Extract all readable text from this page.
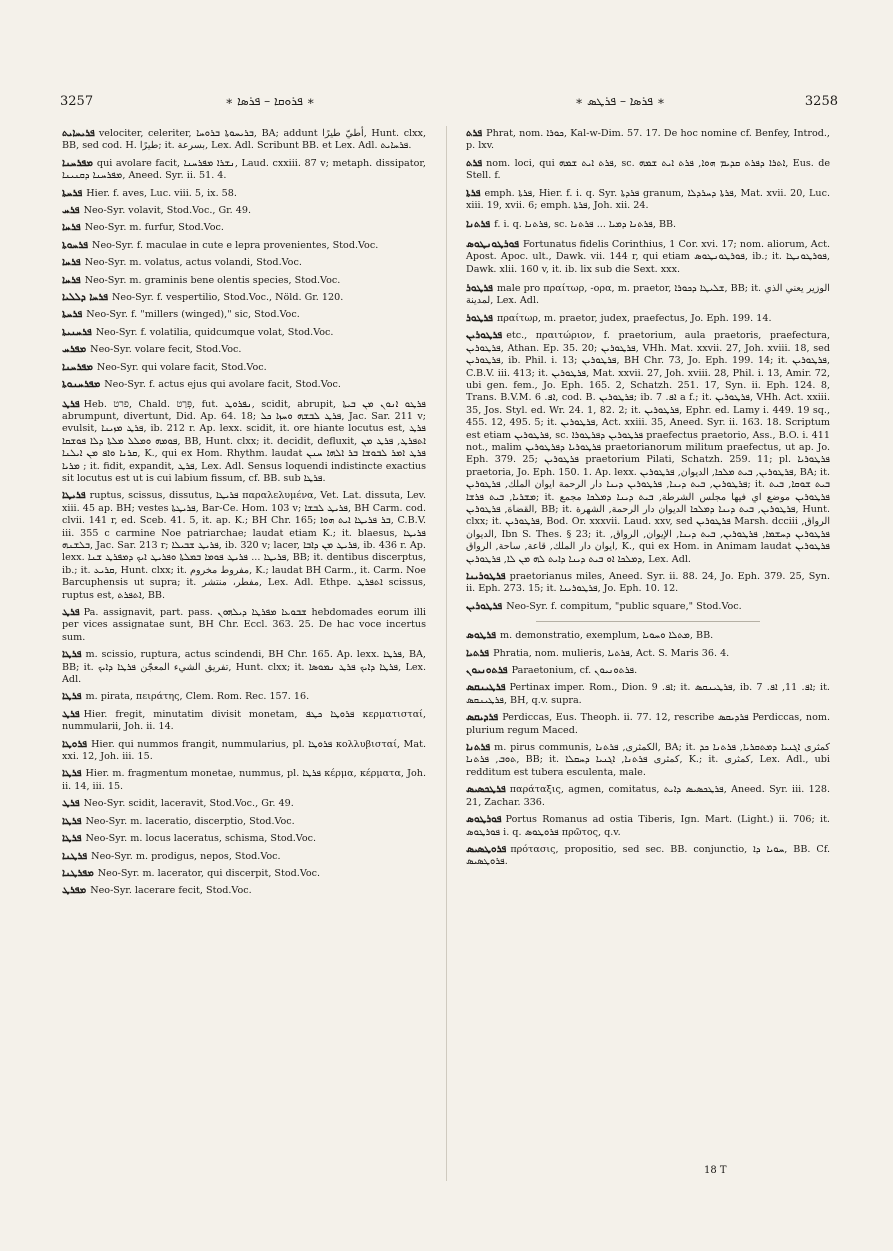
3257	∗ ܦܪܘܩܐ – ܦܪܣܐ ∗	∗ ܦܪܣܐ – ܦܪܛܣ ∗	3258
ܦܪܝܚܐܝܬ velociter, celeriter, ܒܪܝܚܘܬܐ ܒܪܘܚܐ, BA; addunt أطيّ طيرًا, Hunt. clxx, BB, sed cod. H. طيرًا; it. بسرعة, Lex. Adl. Scribunt BB. et Lex. Adl. ܦܪܚܐܝܬ.
ܡܦܪܚܢܐ qui avolare facit, ܢܫܪܐ ܡܦܪܚܢܐ, Laud. cxxiii. 87 v; metaph. dissipator, ܡܦܪܚܢܐ ܕܩܢܝܢܐ, Aneed. Syr. ii. 51. 4.
ܦܪܚܬܐ Hier. f. aves, Luc. viii. 5, ix. 58.
ܦܪܚ Neo-Syr. volavit, Stod.Voc., Gr. 49.
ܦܪܚܐ Neo-Syr. m. furfur, Stod.Voc.
ܦܪܚܘܬܐ Neo-Syr. f. maculae in cute e lepra provenientes, Stod.Voc.
ܦܪܚܐ Neo-Syr. m. volatus, actus volandi, Stod.Voc.
ܦܪܚܐ Neo-Syr. m. graminis bene olentis species, Stod.Voc.
ܦܪܚܐ ܕܠܠܝܐ Neo-Syr. f. vespertilio, Stod.Voc., Nöld. Gr. 120.
ܦܪܚܬܐ Neo-Syr. f. "millers (winged)," sic, Stod.Voc.
ܦܪܚܢܝܬܐ Neo-Syr. f. volatilia, quidcumque volat, Stod.Voc.
ܡܦܪܚ Neo-Syr. volare fecit, Stod.Voc.
ܡܦܪܚܢܐ Neo-Syr. qui volare facit, Stod.Voc.
ܡܦܪܚܢܘܬܐ Neo-Syr. f. actus ejus qui avolare facit, Stod.Voc.
ܦܪܛ Heb. פרט, Chald. פְּרַט, fut. ܢܦܪܘܛ, scidit, abrupit, ܦܪܛܘ ܐܢܘܢ ܡܢ ܒܝܬܐ abrumpunt, divertunt, Did. Ap. 64. 18; ܦܪܛ ܠܒܫܗ ܘܚܙܐ ܟܠ, Jac. Sar. 211 v; evulsit, ܦܪܛ ܡܙܝܢܐ, ib. 212 r. Ap. lexx. scidit, it. ore hiante locutus est, ܦܪܛ ܦܘܡܗ ܘܡܠܠ ܡܠܬܐ ܕܠܐ ܦܘܫܩܐ, BB, Hunt. clxx; it. decidit, defluxit, ܐܬܦܪܛ, ܦܪܛ ܡܢ ܩܪܢܐ ܘܐܦ ܡܢ ܐܝܠܢܐ, K., qui ex Hom. Rhythm. laudat ܦܪܛ ܐܡܪ ܠܒܘܫܐ ܒܪ ܐܠܗܐ ܚܢܢ ܡܪܝܐ ; it. fidit, expandit, ܦܪܛ, Lex. Adl. Sensus loquendi indistincte exactius sit locutus est ut is cui labium fissum, cf. BB. sub ܦܪܛܐ.
ܦܪܝܛܐ ruptus, scissus, dissutus, ܦܪܝܛܐ παραλελυμένα, Vet. Lat. dissuta, Lev. xiii. 45 ap. BH; vestes ܦܪܝܛܬܐ, Bar-Ce. Hom. 103 v; ܦܪܝܛ ܠܒܫܐ, BH Carm. cod. clvii. 141 r, ed. Sceb. 41. 5, it. ap. K.; BH Chr. 165; ܒܪ ܦܪܝܛܐ ܐܝܬ ܗܘܐ, C.B.V. iii. 355 c carmine Noe patriarchae; laudat etiam K.; it. blaesus, ܦܪܝܛܐ ܒܠܫܢܗ, Jac. Sar. 213 r; ܦܪܝܛ ܫܒܝܠܐ, ib. 320 v; lacer, ܦܪܝܛ ܡܢ ܕܐܒܐ, ib. 436 r. Ap. lexx. ܦܪܝܛܐ ... ܦܪܝܛ ܦܘܡܐ ܒܡܠܬܐ ܘܦܪܝܛ ܐܝܟ ܕܡܦܪܛ ܫܢܐ, BB; it. dentibus discerptus, ib.; it. ܩܪܝܥ, Hunt. clxx; it. مفروط مخروم, K.; laudat BH Carm., it. Carm. Noe Barcuphensis ut supra; it. مفطر، منتشر, Lex. Adl. Ethpe. ܐܬܦܪܛ scissus, ruptus est, ܐܬܦܪܬ, BB.
ܦܪܛ Pa. assignavit, part. pass. ܫܒܘܥܐ ܡܦܪܛܐ ܕܝܠܗܘܢ hebdomades eorum illi per vices assignatae sunt, BH Chr. Eccl. 363. 25. De hac voce incertus sum.
ܦܪܛܐ m. scissio, ruptura, actus scindendi, BH Chr. 165. Ap. lexx. ܦܪܛܐ, BA, BB; it. تفريق الشيء المعجّن ܦܪܛܐ ܕܐܝܟ, Hunt. clxx; it. ܦܪܛܐ ܕܐܝܟ ܦܪܛ ܢܡܘܣܐ, Lex. Adl.
ܦܪܛܐ m. pirata, πειράτης, Clem. Rom. Rec. 157. 16.
ܦܪܛ Hier. fregit, minutatim divisit monetam, ܦܪܘܛܐ ܟܛܦ κερματισταί, nummularii, Joh. ii. 14.
ܦܪܘܛܐ Hier. qui nummos frangit, nummularius, pl. ܦܪܘܛܐ κολλυβισταί, Mat. xxi. 12, Joh. iii. 15.
ܦܪܛܐ Hier. m. fragmentum monetae, nummus, pl. ܦܪܛܐ κέρμα, κέρματα, Joh. ii. 14, iii. 15.
ܦܪܛ Neo-Syr. scidit, laceravit, Stod.Voc., Gr. 49.
ܦܪܛܐ Neo-Syr. m. laceratio, discerptio, Stod.Voc.
ܦܪܛܐ Neo-Syr. m. locus laceratus, schisma, Stod.Voc.
ܦܪܛܢܐ Neo-Syr. m. prodigus, nepos, Stod.Voc.
ܡܦܪܛܢܐ Neo-Syr. m. lacerator, qui discerpit, Stod.Voc.
ܡܦܪܛ Neo-Syr. lacerare fecit, Stod.Voc.
ܦܪܬ Phrat, nom. ܟܘܪܐ, Kal-w-Dim. 57. 17. De hoc nomine cf. Benfey, Introd., p. lxv.
ܦܪܬ nom. loci, qui ܦܪܬ ܐܝܬ ܫܡܗ, sc. ܐܬܪܐ ܕܦܪܬ ܩܕܝܡ ܗܘܐ, ܦܪܬ ܐܝܬ ܫܡܗ, Eus. de Stell. f.
ܦܪܬܐ emph. ܦܪܬܐ, Hier. f. i. q. Syr. ܦܪܕܬܐ granum, ܦܪܬܐ ܕܚܪܕܠܐ, Mat. xvii. 20, Luc. xiii. 19, xvii. 6; emph. ܦܪܬܐ, Joh. xii. 24.
ܦܪܬܢܐ f. i. q. ܦܪܬܢܐ, sc. ܦܪܬܢܐ ܕܡܝܐ ... ܦܪܬܢܐ, BB.
ܦܘܪܛܘܢܛܘܣ Fortunatus fidelis Corinthius, 1 Cor. xvi. 17; nom. aliorum, Act. Apost. Apoc. ult., Dawk. vii. 144 r, qui etiam ܦܘܪܛܘܢܛܘܣ, ib.; it. ܦܘܪܛܘܢܛܐ, Dawk. xlii. 160 v, it. ib. lix sub die Sext. xxx.
ܦܪܛܘܪ male pro πραίτωρ, -ορα, m. praetor, ܫܠܝܛܐ ܕܟܘܪܐ, BB; it. الوزير يعني الذي لمدينة, Lex. Adl.
ܦܪܛܘܪ πραίτωρ, m. praetor, judex, praefectus, Jo. Eph. 199. 14.
ܦܪܛܘܪܝܢ etc., πραιτώριον, f. praetorium, aula praetoris, praefectura, ܦܪܛܘܪܝܢ, Athan. Ep. 35. 20; ܦܪܛܘܪܝܢ, VHh. Mat. xxvii. 27, Joh. xviii. 18, sed ܦܪܛܘܪܝܢ, ib. Phil. i. 13; ܦܪܛܘܪܝܢ, BH Chr. 73, Jo. Eph. 199. 14; it. ܦܪܛܘܪܝܢ, C.B.V. iii. 413; it. ܦܪܛܘܪܝܢ, Mat. xxvii. 27, Joh. xviii. 28, Phil. i. 13, Amir. 72, ubi gen. fem., Jo. Eph. 165. 2, Schatzh. 251. 17, Syn. ii. Eph. 124. 8, Trans. B.V.M. ܐܦ. 6, cod. B. ܦܪܛܘܪܝܢ; ib. ܐܦ. 7 a f.; it. ܦܪܛܘܪܝܢ, VHh. Act. xxiii. 35, Jos. Styl. ed. Wr. 24. 1, 82. 2; it. ܦܪܛܘܪܝܢ, Ephr. ed. Lamy i. 449. 19 sq., 455. 12, 495. 5; it. ܦܪܛܘܪܝܢ, Act. xxiii. 35, Aneed. Syr. ii. 163. 18. Scriptum est etiam ܦܪܛܘܪܝܢ, sc. ܦܪܛܘܪܝܢ ܕܦܪܛܘܪܐ praefectus praetorio, Ass., B.O. i. 411 not., malim ܦܪܛܘܪܝܐ ܕܦܪܛܘܪܝܢ praetorianorum militum praefectus, ut ap. Jo. Eph. 379. 25; ܦܪܛܘܪܝܢ praetorium Pilati, Schatzh. 259. 11; pl. ܦܪܛܘܪܝܐ praetoria, Jo. Eph. 150. 1. Ap. lexx. ܦܪܛܘܪܝܢ, ܒܝܬ ܡܠܟܐ, الديوان, ܦܪܛܘܪܝܢ, BA; it. ܦܪܛܘܪܝܢ, ܒܝܬ ܕܝܢܐ, ܦܪܛܘܪܝܢ ܕܝܢܐ دار الرحمة ايوان الملك, ܦܪܛܘܪܝܢ; it. ܒܝܬ ܫܘܩܐ, ܒܝܬ ܡܫܪܝܐ, ܒܝܬ ܦܪܫܐ; it. ܦܪܛܘܪܝܢ موضع اي فيها مجلس الشرطة, ܒܝܬ ܕܝܢܐ ܕܡܠܟܐ مجمع القضاة, ܦܪܛܘܪܝܢ, BB; it. ܦܪܛܘܪܝܢ, ܒܝܬ ܕܝܢܐ ܕܡܠܟܐ الديوان دار الرحمة, الشهرة, Hunt. clxx; it. ܦܪܛܘܪܝܢ, Bod. Or. xxxvii. Laud. xxv, sed ܦܪܛܘܪܝܢ Marsh. dcciii الرواق, الديوان, Ibn S. Thes. § 23; it. ܦܪܛܘܪܝܢ ܕܚܫܡܐ, ܦܪܛܘܪܝܢ, ܒܝܬ ܕܝܢܐ, الإيوان, الرواق, ايوان دار الملك, قاعة, ساحة, الرواق, K., qui ex Hom. in Animam laudat ܦܪܛܘܪܝܢ ܕܡܠܟܐ ܐܘ ܒܝܬ ܕܝܢܐ ܕܐܝܬ ܠܗ ܡܢ ܠܐ, ܦܪܛܘܪܝܢ, Lex. Adl.
ܦܪܛܘܪܝܢܐ praetorianus miles, Aneed. Syr. ii. 88. 24, Jo. Eph. 379. 25, Syn. ii. Eph. 273. 15; it. ܦܪܛܘܪܝܢܐ, Jo. Eph. 10. 12.
ܦܪܛܘܪܝܢ Neo-Syr. f. compitum, "public square," Stod.Voc.
ܦܪܛܘܣ m. demonstratio, exemplum, ܡܬܠܐ ܘܚܘܝܐ, BB.
ܦܪܬܝܐ Phratia, nom. mulieris, ܦܪܬܝܐ, Act. S. Maris 36. 4.
ܦܪܬܘܢܝܘܢ Paraetonium, cf. ܦܪܬܘܢܝܘܢ.
ܦܪܛܝܢܩܣ Pertinax imper. Rom., Dion. ܐܦ. 9; it. ܦܪܛܝܢܩܣ, ib. ܐܦ. 11, ܐܦ. 7; it. ܦܪܛܝܢܩܣ, BH, q.v. supra.
ܦܪܕܝܩܣ Perdiccas, Eus. Theoph. ii. 77. 12, rescribe ܦܪܕܝܩܣ Perdiccas, nom. plurium regum Maced.
ܦܪܬܢܐ m. pirus communis, الكمثرى, ܦܪܬܢܐ, BA; it. كمثرى ܐܓܢܝܐ ܕܡܬܩܪܝܐ, ܦܪܬܢܐ ܟܕ ܬܘܒ, ܦܪܬܢܐ, BB; it. كمثرى ܦܪܬܢܐ, ܐܓܢܝܐ ܕܚܩܠܐ, K.; it. كمثرى, Lex. Adl., ubi redditum est tubera esculenta, male.
ܦܪܛܟܣܝܣ παράταξις, agmen, comitatus, ܦܪܛܟܣܝܣ ܕܐܝܬ, Aneed. Syr. iii. 128. 21, Zachar. 336.
ܦܘܪܛܘܣ Portus Romanus ad ostia Tiberis, Ign. Mart. (Light.) ii. 706; it. ܦܘܪܛܘܣ i. q. ܦܪܘܛܘܣ πρῶτος, q.v.
ܦܪܘܛܣܝܣ πρότασις, propositio, sed sec. BB. conjunctio, ܚܘܝܐ ܕܐ, BB. Cf. ܦܪܘܛܣܝܣ.
18 T
